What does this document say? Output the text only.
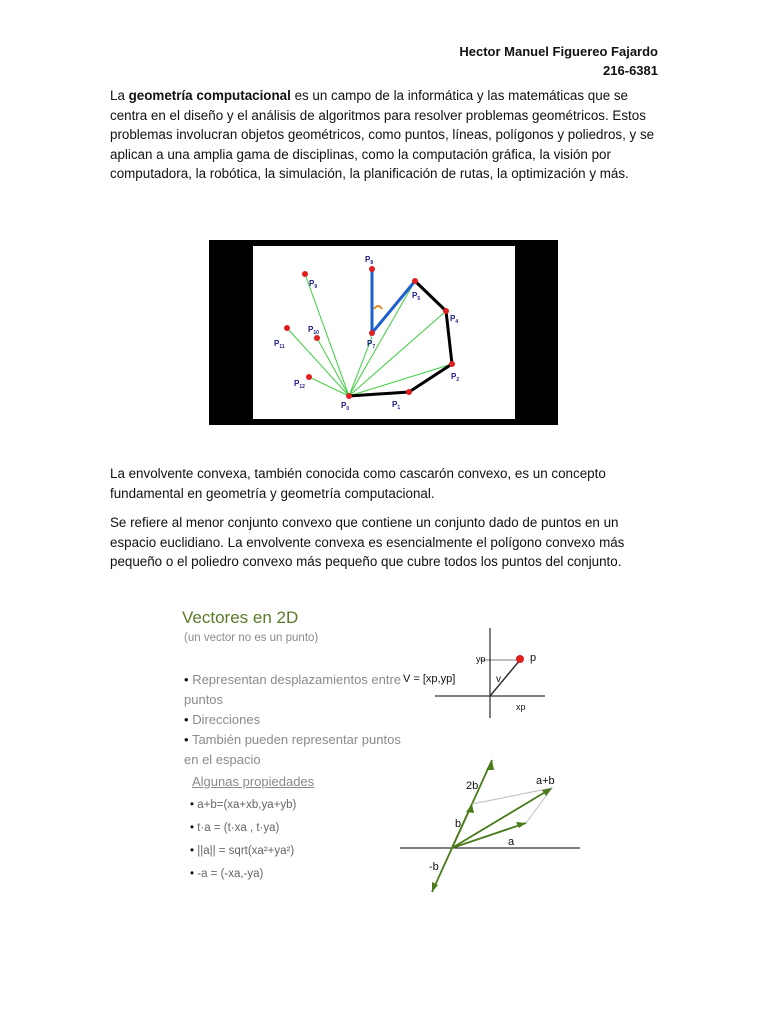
Hector Manuel Figuereo Fajardo
216-6381
La geometría computacional es un campo de la informática y las matemáticas que se centra en el diseño y el análisis de algoritmos para resolver problemas geométricos. Estos problemas involucran objetos geométricos, como puntos, líneas, polígonos y poliedros, y se aplican a una amplia gama de disciplinas, como la computación gráfica, la visión por computadora, la robótica, la simulación, la planificación de rutas, la optimización y más.
$P_0$	$P_1$
$P_2$
$P_4$
$P_5$
$P_7$
$P_8$
$P_9$
$P_{10}$
$P_{11}$
$P_{12}$
La envolvente convexa, también conocida como cascarón convexo, es un concepto fundamental en geometría y geometría computacional.
Se refiere al menor conjunto convexo que contiene un conjunto dado de puntos en un espacio euclidiano. La envolvente convexa es esencialmente el polígono convexo más pequeño o el poliedro convexo más pequeño que cubre todos los puntos del conjunto.
Vectores en 2D
(un vector no es un punto)
• Representan desplazamientos entre puntos
• Direcciones
• También pueden representar puntos en el espacio
Algunas propiedades
• a+b=(xa+xb,ya+yb)
• t·a = (t·xa , t·ya)
• ||a|| = sqrt(xa²+ya²)
• -a = (-xa,-ya)
V = [xp,yp]
yp
xp
p
v
a+b
2b
b
a
-b
